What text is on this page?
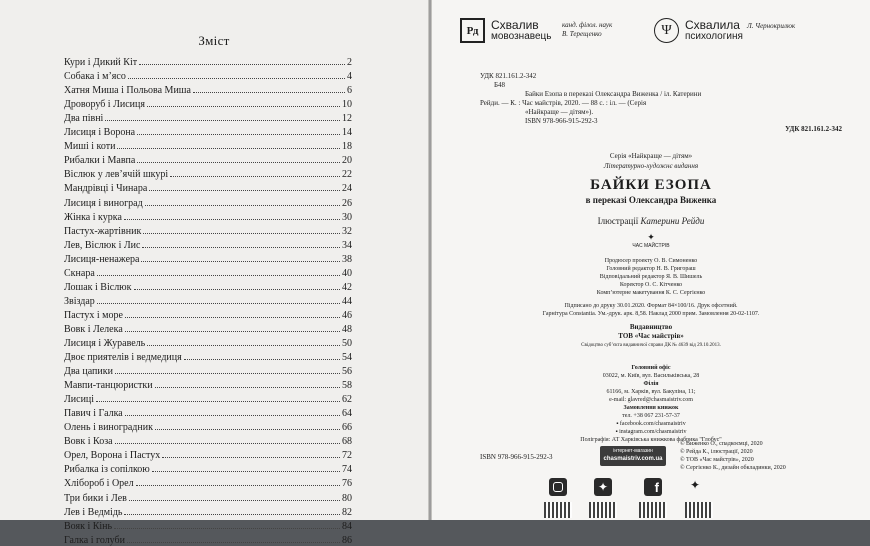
Зміст
Кури і Дикий Кіт	2
Собака і м’ясо	4
Хатня Миша і Польова Миша	6
Дроворуб і Лисиця	10
Два півні	12
Лисиця і Ворона	14
Миші і коти	18
Рибалки і Мавпа	20
Віслюк у лев’ячій шкурі	22
Мандрівці і Чинара	24
Лисиця і виноград	26
Жінка і курка	30
Пастух-жартівник	32
Лев, Віслюк і Лис	34
Лисиця-ненажера	38
Скнара	40
Лошак і Віслюк	42
Звіздар	44
Пастух і море	46
Вовк і Лелека	48
Лисиця і Журавель	50
Двоє приятелів і ведмедиця	54
Два цапики	56
Мавпи-танцюристки	58
Лисиці	62
Павич і Галка	64
Олень і виноградник	66
Вовк і Коза	68
Орел, Ворона і Пастух	72
Рибалка із сопілкою	74
Хлібороб і Орел	76
Три бики і Лев	80
Лев і Ведмідь	82
Вояк і Кінь	84
Галка і голуби	86
Рд	Схвалив
мовознавець
канд. філол. наук
В. Терещенко	Ψ	Схвалила
психологиня
Л. Чернокрилюк
УДК 821.161.2-342
Б48
Байки Езопа в переказі Олександра Виженка / іл. Катерини
Рейди. — К. : Час майстрів, 2020. — 88 с. : іл. — (Серія
«Найкраще — дітям»).
ISBN 978-966-915-292-3
УДК 821.161.2-342
Серія «Найкраще — дітям»
Літературно-художнє видання
БАЙКИ ЕЗОПА
в переказі Олександра Виженка
Ілюстрації Катерини Рейди
✦
ЧАС МАЙСТРІВ
Продюсер проекту О. В. Симоненко
Головний редактор Н. В. Григораш
Відповідальний редактор Я. В. Шишель
Коректор О. С. Кітченко
Комп’ютерне макетування К. С. Сергієнко
Підписано до друку 30.01.2020. Формат 84×100/16. Друк офсетний.
Гарнітура Constantia. Ум.-друк. арк. 8,58. Наклад 2000 прим. Замовлення 20-02-1107.
Видавництво
ТОВ «Час майстрів»
Свідоцтво суб’єкта видавничої справи ДК № 4639 від 29.10.2013.
Головний офіс
03022, м. Київ, вул. Васильківська, 28
Філія
61166, м. Харків, вул. Бакуліна, 11;
e-mail: glavred@chasmaistriv.com
Замовлення книжок
тел. +38 067 231-57-37
▪ facebook.com/chasmaistriv
▪ instagram.com/chasmaistriv
Поліграфія: АТ Харківська книжкова фабрика "Глобус"
ISBN 978-966-915-292-3
інтернет-магазин
chasmaistriv.com.ua
© Виженко О., спадкоємці, 2020
© Рейда К., ілюстрації, 2020
© ТОВ «Час майстрів», 2020
© Сергієнко К., дизайн обкладинки, 2020
✦	f	✦
